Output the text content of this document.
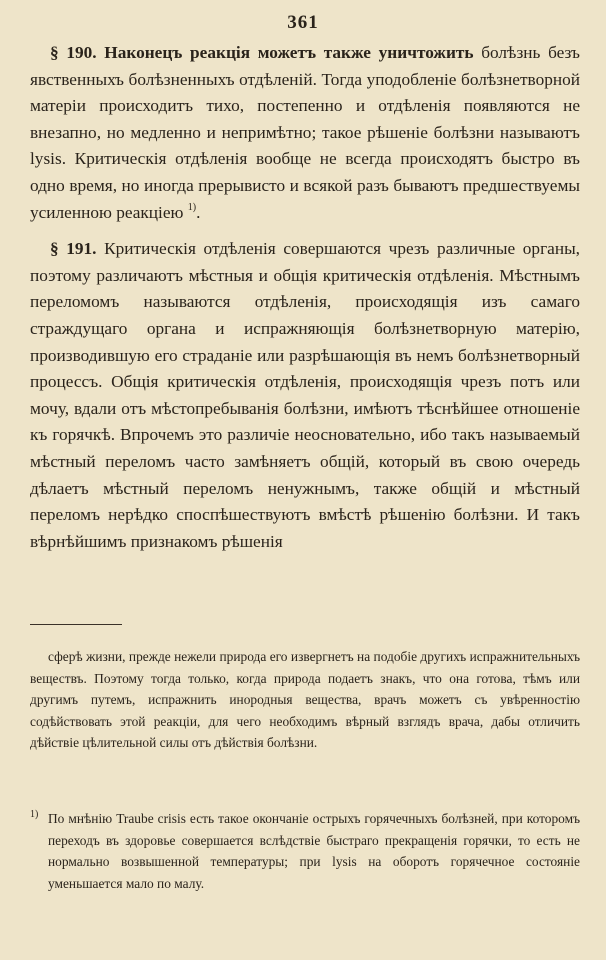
361

§ 190. Наконецъ реакція можетъ также уничтожить болѣзнь безъ явственныхъ болѣзненныхъ отдѣленій. Тогда уподобленіе болѣзнетворной матеріи происходитъ тихо, постепенно и отдѣленія появляются не внезапно, но медленно и непримѣтно; такое рѣшеніе болѣзни называютъ lysis. Критическія отдѣленія вообще не всегда происходятъ быстро въ одно время, но иногда прерывисто и всякой разъ бываютъ предшествуемы усиленною реакціею $^{1)}$.

§ 191. Критическія отдѣленія совершаются чрезъ различные органы, поэтому различаютъ мѣстныя и общія критическія отдѣленія. Мѣстнымъ переломомъ называются отдѣленія, происходящія изъ самаго страждущаго органа и испражняющія болѣзнетворную матерію, производившую его страданіе или разрѣшающія въ немъ болѣзнетворный процессъ. Общія критическія отдѣленія, происходящія чрезъ потъ или мочу, вдали отъ мѣстопребыванія болѣзни, имѣютъ тѣснѣйшее отношеніе къ горячкѣ. Впрочемъ это различіе неосновательно, ибо такъ называемый мѣстный переломъ часто замѣняетъ общій, который въ свою очередь дѣлаетъ мѣстный переломъ ненужнымъ, также общій и мѣстный переломъ нерѣдко споспѣшествуютъ вмѣстѣ рѣшенію болѣзни. И такъ вѣрнѣйшимъ признакомъ рѣшенія

сферѣ жизни, прежде нежели природа его извергнетъ на подобіе другихъ испражнительныхъ веществъ. Поэтому тогда только, когда природа подаетъ знакъ, что она готова, тѣмъ или другимъ путемъ, испражнить инородныя вещества, врачъ можетъ съ увѣренностію содѣйствовать этой реакціи, для чего необходимъ вѣрный взглядъ врача, дабы отличить дѣйствіе цѣлительной силы отъ дѣйствія болѣзни.

1) По мнѣнію Traube crisis есть такое окончаніе острыхъ горячечныхъ болѣзней, при которомъ переходъ въ здоровье совершается вслѣдствіе быстраго прекращенія горячки, то есть не нормально возвышенной температуры; при lysis на оборотъ горячечное состояніе уменьшается мало по малу.
